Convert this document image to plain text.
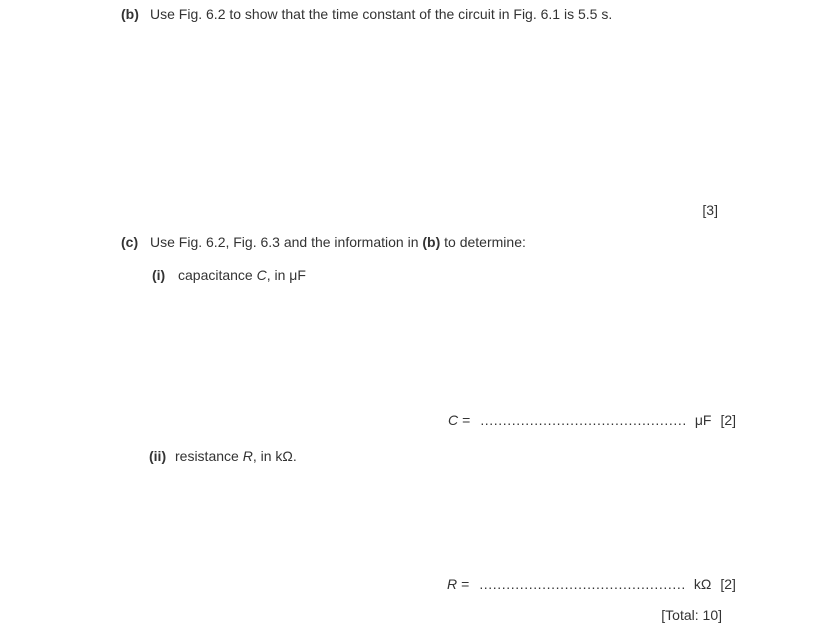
(b) Use Fig. 6.2 to show that the time constant of the circuit in Fig. 6.1 is 5.5 s.
[3]
(c) Use Fig. 6.2, Fig. 6.3 and the information in (b) to determine:
(i) capacitance C, in μF
C = .............................................. μF [2]
(ii) resistance R, in kΩ.
R = .............................................. kΩ [2]
[Total: 10]
